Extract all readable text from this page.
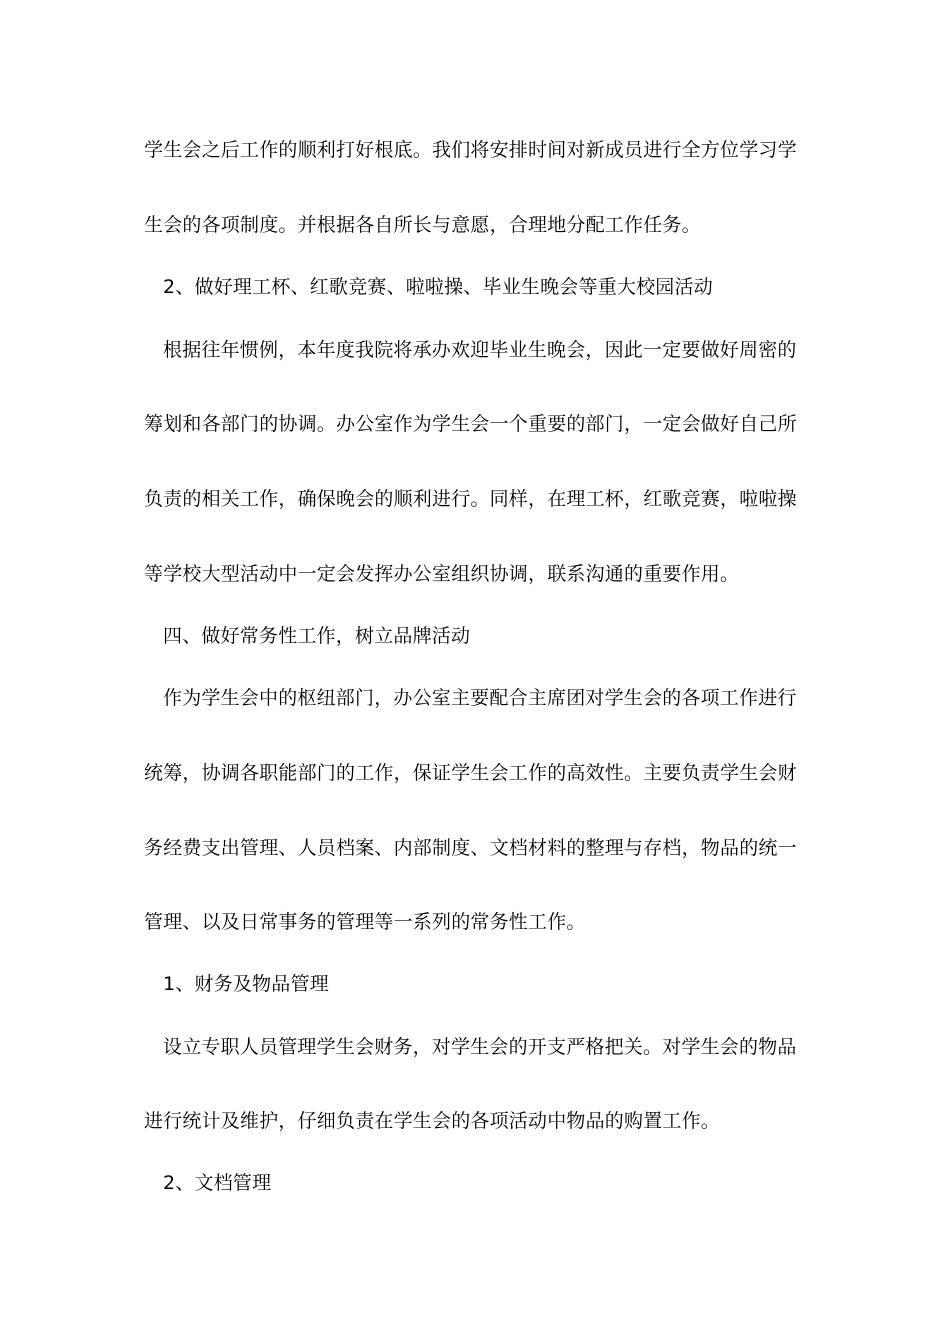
学生会之后工作的顺利打好根底。我们将安排时间对新成员进行全方位学习学
生会的各项制度。并根据各自所长与意愿，合理地分配工作任务。
2、做好理工杯、红歌竞赛、啦啦操、毕业生晚会等重大校园活动
根据往年惯例，本年度我院将承办欢迎毕业生晚会，因此一定要做好周密的
筹划和各部门的协调。办公室作为学生会一个重要的部门，一定会做好自己所
负责的相关工作，确保晚会的顺利进行。同样，在理工杯，红歌竞赛，啦啦操
等学校大型活动中一定会发挥办公室组织协调，联系沟通的重要作用。
四、做好常务性工作，树立品牌活动
作为学生会中的枢纽部门，办公室主要配合主席团对学生会的各项工作进行
统筹，协调各职能部门的工作，保证学生会工作的高效性。主要负责学生会财
务经费支出管理、人员档案、内部制度、文档材料的整理与存档，物品的统一
管理、以及日常事务的管理等一系列的常务性工作。
1、财务及物品管理
设立专职人员管理学生会财务，对学生会的开支严格把关。对学生会的物品
进行统计及维护，仔细负责在学生会的各项活动中物品的购置工作。
2、文档管理
